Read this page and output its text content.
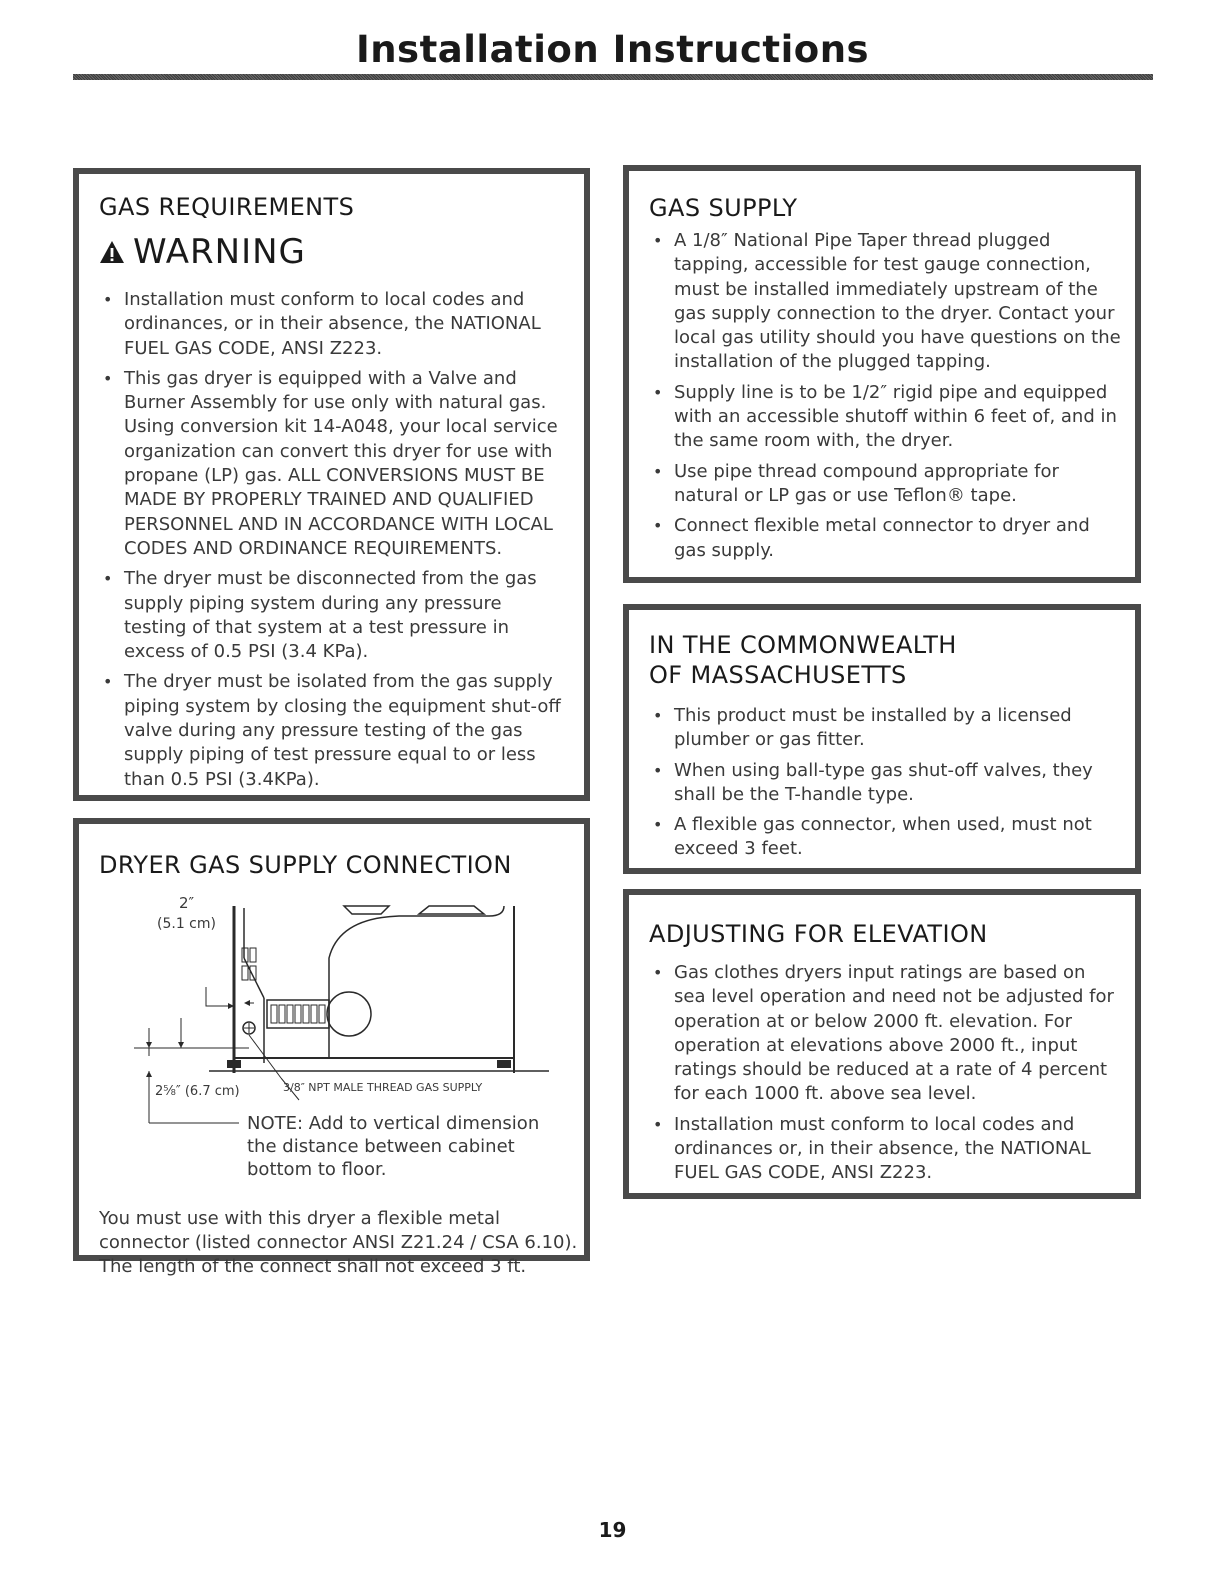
Installation Instructions
GAS REQUIREMENTS
WARNING
• Installation must conform to local codes and ordinances, or in their absence, the NATIONAL FUEL GAS CODE, ANSI Z223.
• This gas dryer is equipped with a Valve and Burner Assembly for use only with natural gas. Using conversion kit 14-A048, your local service organization can convert this dryer for use with propane (LP) gas. ALL CONVERSIONS MUST BE MADE BY PROPERLY TRAINED AND QUALIFIED PERSONNEL AND IN ACCORDANCE WITH LOCAL CODES AND ORDINANCE REQUIREMENTS.
• The dryer must be disconnected from the gas supply piping system during any pressure testing of that system at a test pressure in excess of 0.5 PSI (3.4 KPa).
• The dryer must be isolated from the gas supply piping system by closing the equipment shut-off valve during any pressure testing of the gas supply piping of test pressure equal to or less than 0.5 PSI (3.4KPa).
DRYER GAS SUPPLY CONNECTION
2″
(5.1 cm)
2⅝″ (6.7 cm)	3/8″ NPT MALE THREAD GAS SUPPLY
NOTE: Add to vertical dimension the distance between cabinet bottom to floor.
You must use with this dryer a flexible metal connector (listed connector ANSI Z21.24 / CSA 6.10). The length of the connect shall not exceed 3 ft.
GAS SUPPLY
• A 1/8″ National Pipe Taper thread plugged tapping, accessible for test gauge connection, must be installed immediately upstream of the gas supply connection to the dryer. Contact your local gas utility should you have questions on the installation of the plugged tapping.
• Supply line is to be 1/2″ rigid pipe and equipped with an accessible shutoff within 6 feet of, and in the same room with, the dryer.
• Use pipe thread compound appropriate for natural or LP gas or use Teflon® tape.
• Connect flexible metal connector to dryer and gas supply.
IN THE COMMONWEALTH
OF MASSACHUSETTS
• This product must be installed by a licensed plumber or gas fitter.
• When using ball-type gas shut-off valves, they shall be the T-handle type.
• A flexible gas connector, when used, must not exceed 3 feet.
ADJUSTING FOR ELEVATION
• Gas clothes dryers input ratings are based on sea level operation and need not be adjusted for operation at or below 2000 ft. elevation. For operation at elevations above 2000 ft., input ratings should be reduced at a rate of 4 percent for each 1000 ft. above sea level.
• Installation must conform to local codes and ordinances or, in their absence, the NATIONAL FUEL GAS CODE, ANSI Z223.
19
